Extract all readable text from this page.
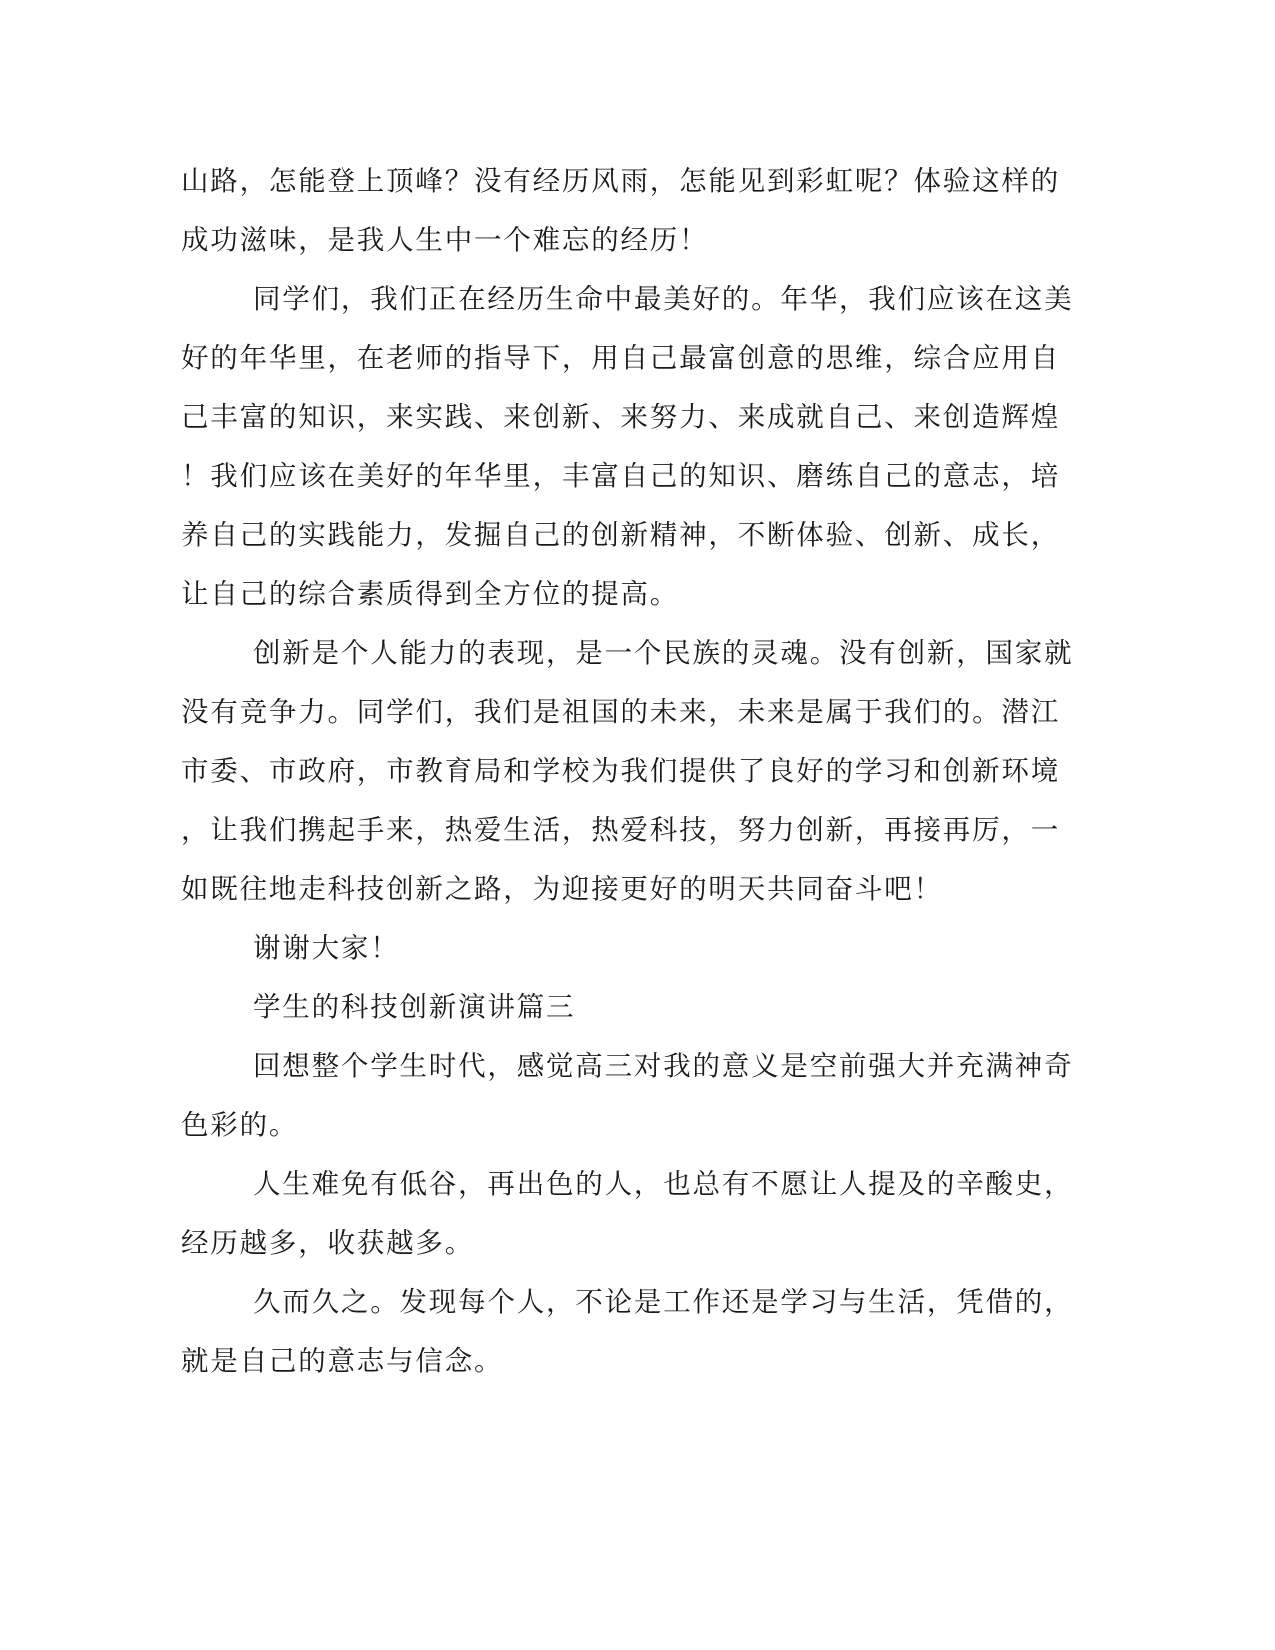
山路，怎能登上顶峰？没有经历风雨，怎能见到彩虹呢？体验这样的
成功滋味，是我人生中一个难忘的经历！
同学们，我们正在经历生命中最美好的。年华，我们应该在这美
好的年华里，在老师的指导下，用自己最富创意的思维，综合应用自
己丰富的知识，来实践、来创新、来努力、来成就自己、来创造辉煌
！我们应该在美好的年华里，丰富自己的知识、磨练自己的意志，培
养自己的实践能力，发掘自己的创新精神，不断体验、创新、成长，
让自己的综合素质得到全方位的提高。
创新是个人能力的表现，是一个民族的灵魂。没有创新，国家就
没有竞争力。同学们，我们是祖国的未来，未来是属于我们的。潜江
市委、市政府，市教育局和学校为我们提供了良好的学习和创新环境
，让我们携起手来，热爱生活，热爱科技，努力创新，再接再厉，一
如既往地走科技创新之路，为迎接更好的明天共同奋斗吧！
谢谢大家！
学生的科技创新演讲篇三
回想整个学生时代，感觉高三对我的意义是空前强大并充满神奇
色彩的。
人生难免有低谷，再出色的人，也总有不愿让人提及的辛酸史，
经历越多，收获越多。
久而久之。发现每个人，不论是工作还是学习与生活，凭借的，
就是自己的意志与信念。
